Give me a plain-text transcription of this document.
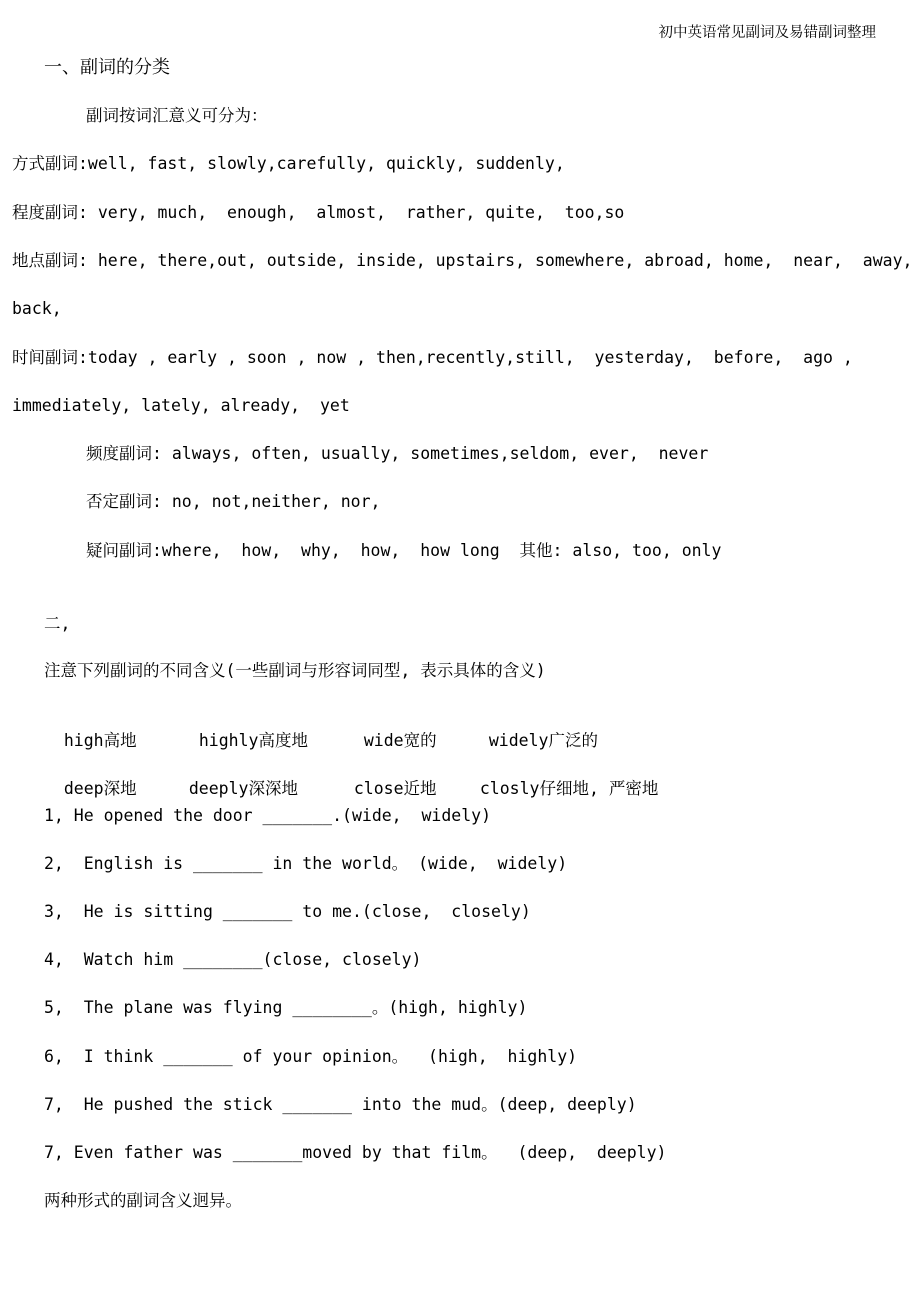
初中英语常见副词及易错副词整理
一、副词的分类
副词按词汇意义可分为：
方式副词:well, fast, slowly,carefully, quickly, suddenly,
程度副词: very, much,  enough,  almost,  rather, quite,  too,so
地点副词: here, there,out, outside, inside, upstairs, somewhere, abroad, home,  near,  away,
back,
时间副词:today , early , soon , now , then,recently,still,  yesterday,  before,  ago ,
immediately, lately, already,  yet
频度副词: always, often, usually, sometimes,seldom, ever,  never
否定副词: no, not,neither, nor,
疑问副词:where,  how,  why,  how,  how long  其他: also, too, only
二,
注意下列副词的不同含义(一些副词与形容词同型, 表示具体的含义)

high高地	highly高度地	wide宽的	widely广泛的

deep深地	deeply深深地	close近地	closly仔细地, 严密地

1, He opened the door _______.(wide,  widely)
2,  English is _______ in the world。 (wide,  widely)
3,  He is sitting _______ to me.(close,  closely)
4,  Watch him ________(close, closely)
5,  The plane was flying ________。(high, highly)
6,  I think _______ of your opinion。  (high,  highly)
7,  He pushed the stick _______ into the mud。(deep, deeply)
7, Even father was _______moved by that film。  (deep,  deeply)
两种形式的副词含义迥异。
